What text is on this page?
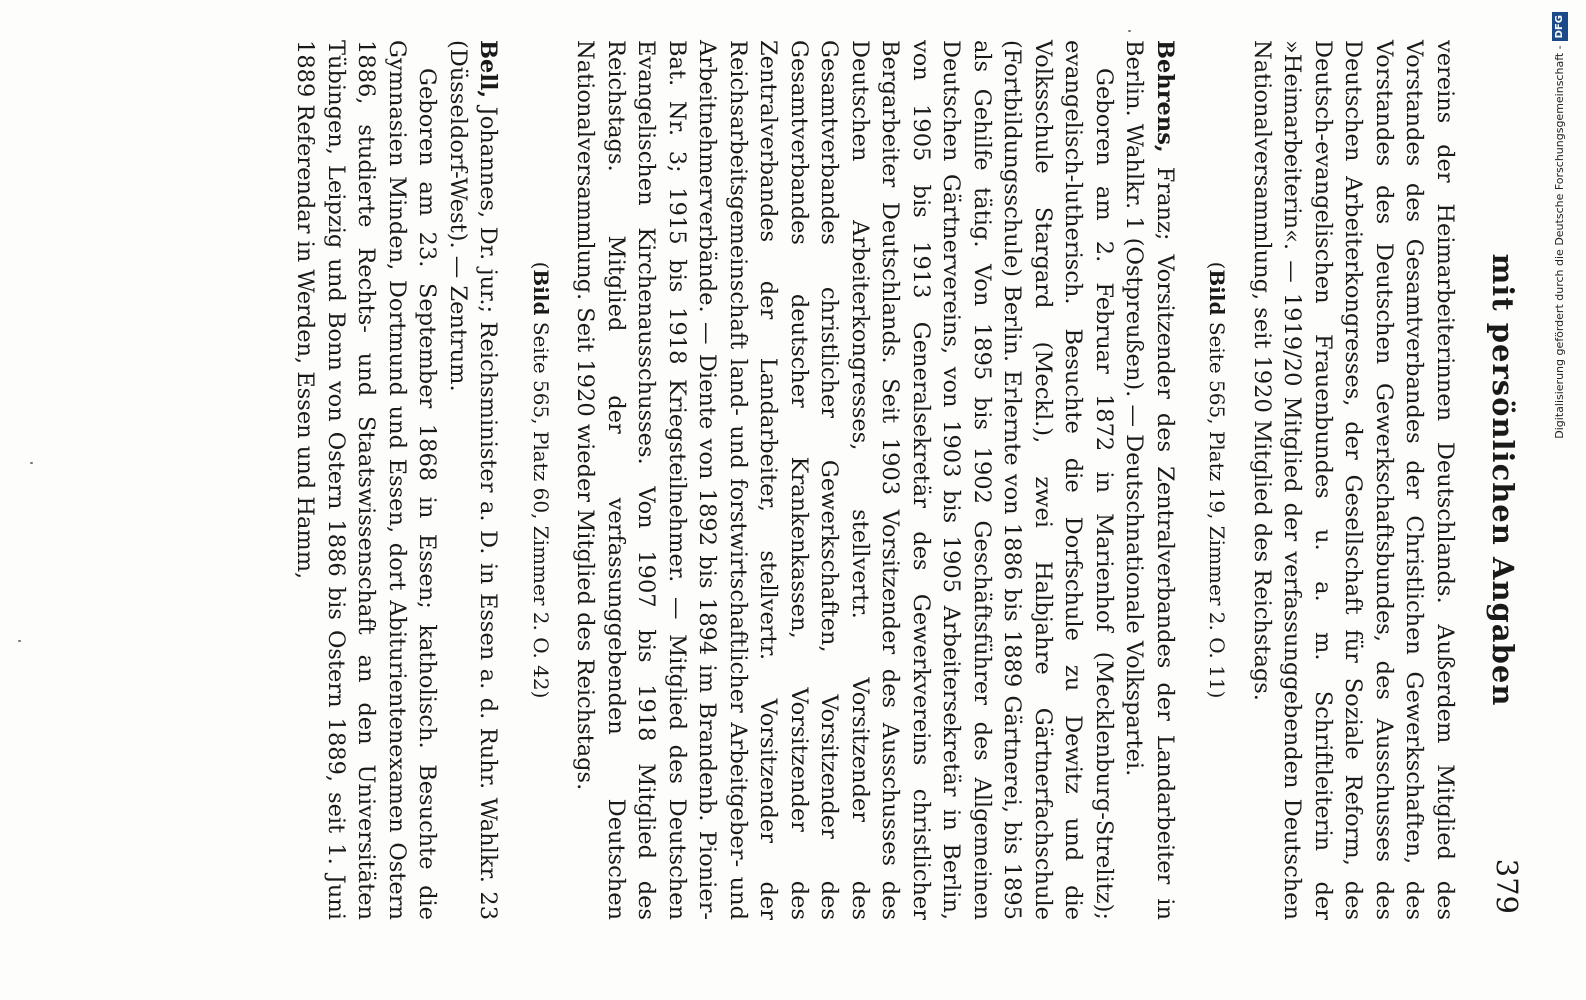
mit persönlichen Angaben
379

vereins der Heimarbeiterinnen Deutschlands. Außerdem Mitglied des Vorstandes des Gesamtverbandes der Christlichen Gewerkschaften, des Vorstandes des Deutschen Gewerkschaftsbundes, des Ausschusses des Deutschen Arbeiterkongresses, der Gesellschaft für Soziale Reform, des Deutsch-evangelischen Frauenbundes u. a. m. Schriftleiterin der »Heimarbeiterin«. — 1919/20 Mitglied der verfassunggebenden Deutschen Nationalversammlung, seit 1920 Mitglied des Reichstags.

(Bild Seite 565, Platz 19, Zimmer 2. O. 11)

Behrens, Franz; Vorsitzender des Zentralverbandes der Landarbeiter in Berlin. Wahlkr. 1 (Ostpreußen). — Deutschnationale Volkspartei.

Geboren am 2. Februar 1872 in Marienhof (Mecklenburg-Strelitz); evangelisch-lutherisch. Besuchte die Dorfschule zu Dewitz und die Volksschule Stargard (Meckl.), zwei Halbjahre Gärtnerfachschule (Fortbildungsschule) Berlin. Erlernte von 1886 bis 1889 Gärtnerei, bis 1895 als Gehilfe tätig. Von 1895 bis 1902 Geschäftsführer des Allgemeinen Deutschen Gärtnervereins, von 1903 bis 1905 Arbeitersekretär in Berlin, von 1905 bis 1913 Generalsekretär des Gewerkvereins christlicher Bergarbeiter Deutschlands. Seit 1903 Vorsitzender des Ausschusses des Deutschen Arbeiterkongresses, stellvertr. Vorsitzender des Gesamtverbandes christlicher Gewerkschaften, Vorsitzender des Gesamtverbandes deutscher Krankenkassen, Vorsitzender des Zentralverbandes der Landarbeiter, stellvertr. Vorsitzender der Reichsarbeitsgemeinschaft land- und forstwirtschaftlicher Arbeitgeber- und Arbeitnehmerverbände. — Diente von 1892 bis 1894 im Brandenb. Pionier-Bat. Nr. 3; 1915 bis 1918 Kriegsteilnehmer. — Mitglied des Deutschen Evangelischen Kirchenausschusses. Von 1907 bis 1918 Mitglied des Reichstags. Mitglied der verfassunggebenden Deutschen Nationalversammlung. Seit 1920 wieder Mitglied des Reichstags.

(Bild Seite 565, Platz 60, Zimmer 2. O. 42)

Bell, Johannes, Dr. jur.; Reichsminister a. D. in Essen a. d. Ruhr. Wahlkr. 23 (Düsseldorf-West). — Zentrum.

Geboren am 23. September 1868 in Essen; katholisch. Besuchte die Gymnasien Minden, Dortmund und Essen, dort Abiturientenexamen Ostern 1886, studierte Rechts- und Staatswissenschaft an den Universitäten Tübingen, Leipzig und Bonn von Ostern 1886 bis Ostern 1889, seit 1. Juni 1889 Referendar in Werden, Essen und Hamm,	Digitalisierung gefördert durch die Deutsche Forschungsgemeinschaft -DFG
